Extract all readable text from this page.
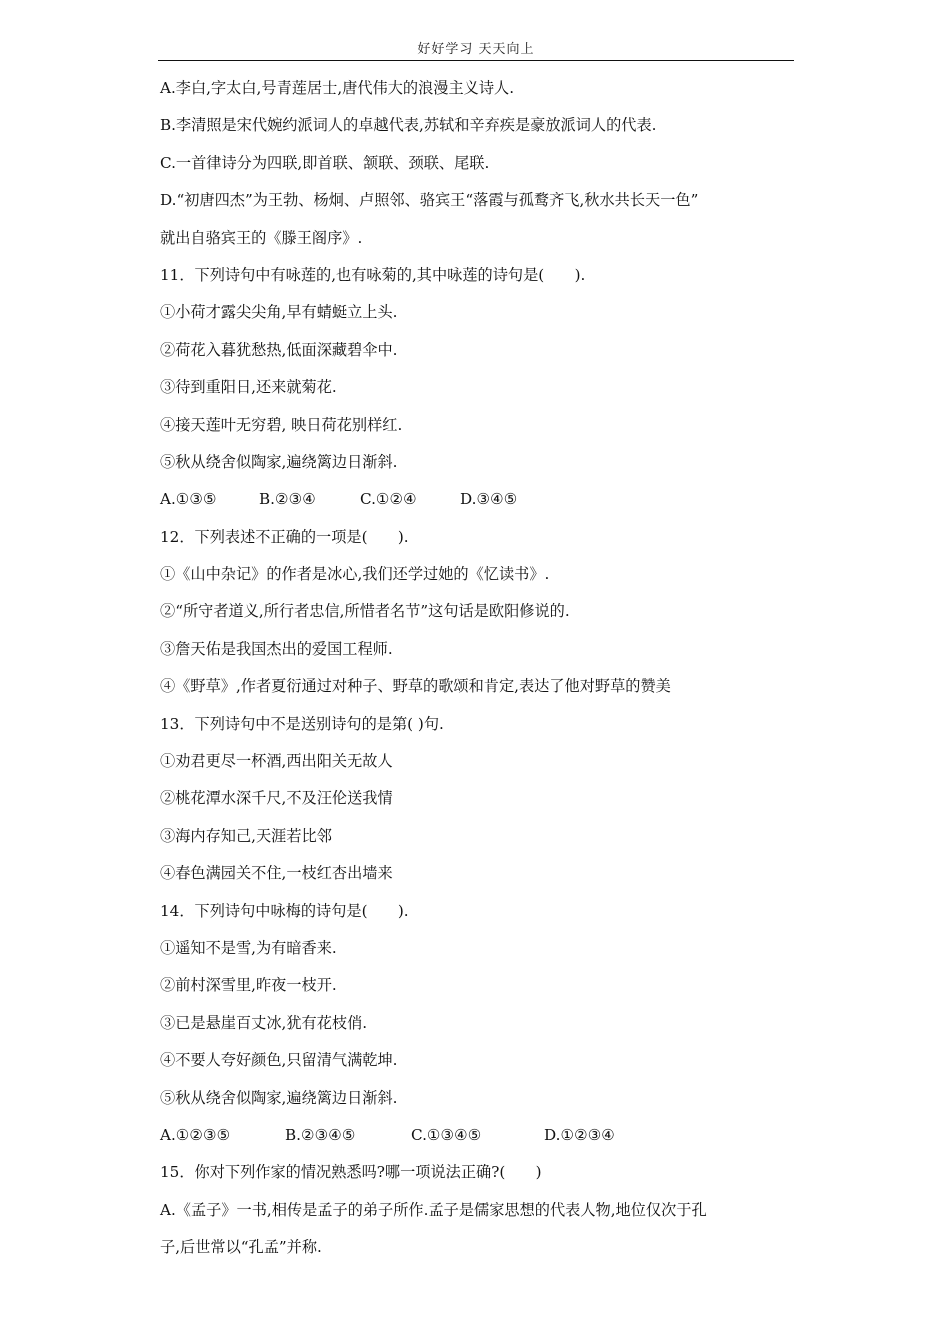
好好学习 天天向上
A.李白,字太白,号青莲居士,唐代伟大的浪漫主义诗人.
B.李清照是宋代婉约派词人的卓越代表,苏轼和辛弃疾是豪放派词人的代表.
C.一首律诗分为四联,即首联、颔联、颈联、尾联.
D.“初唐四杰”为王勃、杨炯、卢照邻、骆宾王“落霞与孤鹜齐飞,秋水共长天一色”
就出自骆宾王的《滕王阁序》.
11．下列诗句中有咏莲的,也有咏菊的,其中咏莲的诗句是(　　).
①小荷才露尖尖角,早有蜻蜓立上头.
②荷花入暮犹愁热,低面深藏碧伞中.
③待到重阳日,还来就菊花.
④接天莲叶无穷碧, 映日荷花别样红.
⑤秋从绕舍似陶家,遍绕篱边日渐斜.
A.①③⑤	B.②③④	C.①②④	D.③④⑤
12．下列表述不正确的一项是(　　).
①《山中杂记》的作者是冰心,我们还学过她的《忆读书》.
②“所守者道义,所行者忠信,所惜者名节”这句话是欧阳修说的.
③詹天佑是我国杰出的爱国工程师.
④《野草》,作者夏衍通过对种子、野草的歌颂和肯定,表达了他对野草的赞美
13．下列诗句中不是送别诗句的是第( )句.
①劝君更尽一杯酒,西出阳关无故人
②桃花潭水深千尺,不及汪伦送我情
③海内存知己,天涯若比邻
④春色满园关不住,一枝红杏出墙来
14．下列诗句中咏梅的诗句是(　　).
①遥知不是雪,为有暗香来.
②前村深雪里,昨夜一枝开.
③已是悬崖百丈冰,犹有花枝俏.
④不要人夸好颜色,只留清气满乾坤.
⑤秋从绕舍似陶家,遍绕篱边日渐斜.
A.①②③⑤	B.②③④⑤	C.①③④⑤	D.①②③④
15．你对下列作家的情况熟悉吗?哪一项说法正确?(　　)
A.《孟子》一书,相传是孟子的弟子所作.孟子是儒家思想的代表人物,地位仅次于孔
子,后世常以“孔孟”并称.
